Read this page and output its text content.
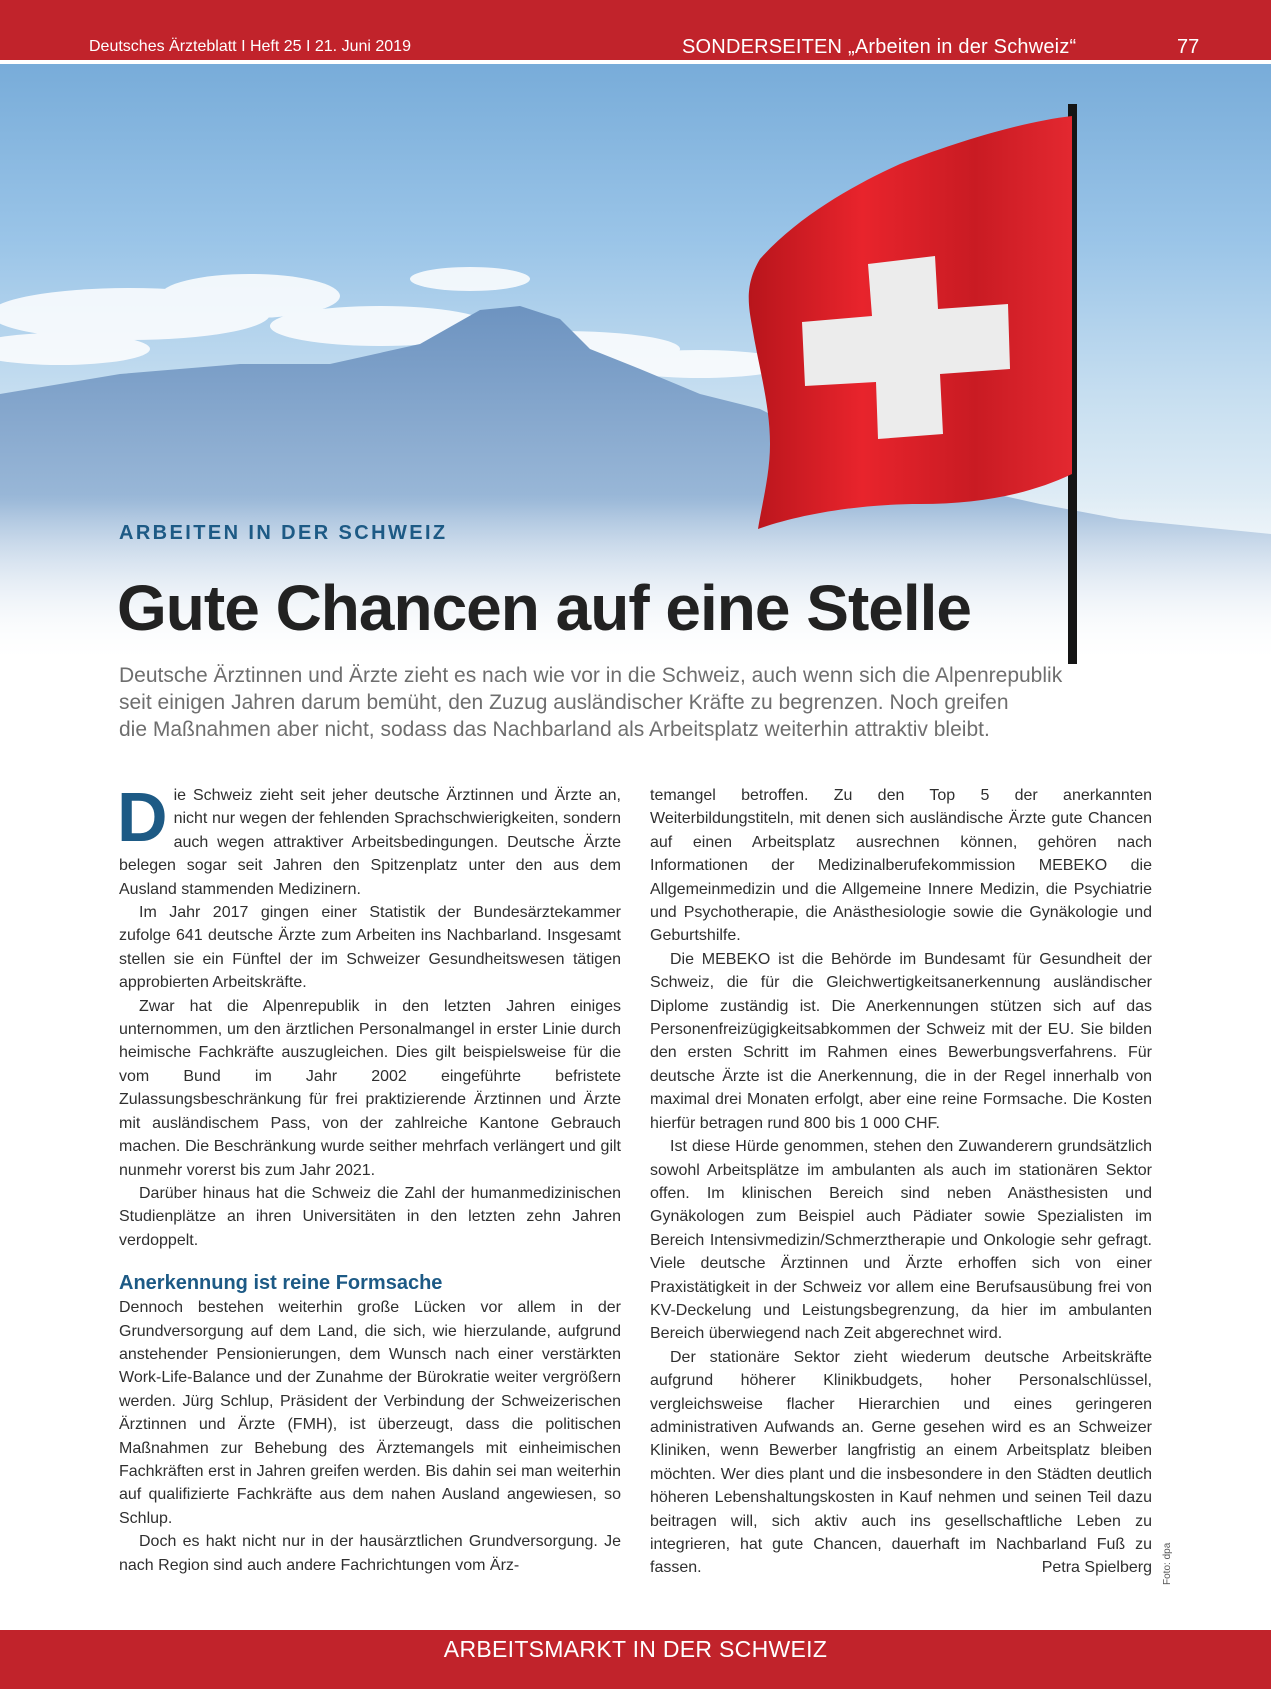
Deutsches Ärzteblatt I Heft 25 I 21. Juni 2019	SONDERSEITEN „Arbeiten in der Schweiz“	77
ARBEITEN IN DER SCHWEIZ
Gute Chancen auf eine Stelle
Deutsche Ärztinnen und Ärzte zieht es nach wie vor in die Schweiz, auch wenn sich die Alpenrepublik
seit einigen Jahren darum bemüht, den Zuzug ausländischer Kräfte zu begrenzen. Noch greifen
die Maßnahmen aber nicht, sodass das Nachbarland als Arbeitsplatz weiterhin attraktiv bleibt.

Die Schweiz zieht seit jeher deutsche Ärztinnen und Ärzte an, nicht nur wegen der fehlenden Sprachschwierigkeiten, sondern auch wegen attraktiver Arbeitsbedingungen. Deutsche Ärzte belegen sogar seit Jahren den Spitzenplatz unter den aus dem Ausland stammenden Medizinern.

Im Jahr 2017 gingen einer Statistik der Bundesärztekammer zufolge 641 deutsche Ärzte zum Arbeiten ins Nachbarland. Insgesamt stellen sie ein Fünftel der im Schweizer Gesundheitswesen tätigen approbierten Arbeitskräfte.

Zwar hat die Alpenrepublik in den letzten Jahren einiges unternommen, um den ärztlichen Personalmangel in erster Linie durch heimische Fachkräfte auszugleichen. Dies gilt beispielsweise für die vom Bund im Jahr 2002 eingeführte befristete Zulassungsbeschränkung für frei praktizierende Ärztinnen und Ärzte mit ausländischem Pass, von der zahlreiche Kantone Gebrauch machen. Die Beschränkung wurde seither mehrfach verlängert und gilt nunmehr vorerst bis zum Jahr 2021.

Darüber hinaus hat die Schweiz die Zahl der humanmedizinischen Studienplätze an ihren Universitäten in den letzten zehn Jahren verdoppelt.

Anerkennung ist reine Formsache

Dennoch bestehen weiterhin große Lücken vor allem in der Grundversorgung auf dem Land, die sich, wie hierzulande, aufgrund anstehender Pensionierungen, dem Wunsch nach einer verstärkten Work-Life-Balance und der Zunahme der Bürokratie weiter vergrößern werden. Jürg Schlup, Präsident der Verbindung der Schweizerischen Ärztinnen und Ärzte (FMH), ist überzeugt, dass die politischen Maßnahmen zur Behebung des Ärztemangels mit einheimischen Fachkräften erst in Jahren greifen werden. Bis dahin sei man weiterhin auf qualifizierte Fachkräfte aus dem nahen Ausland angewiesen, so Schlup.

Doch es hakt nicht nur in der hausärztlichen Grundversorgung. Je nach Region sind auch andere Fachrichtungen vom Ärz-

temangel betroffen. Zu den Top 5 der anerkannten Weiterbildungstiteln, mit denen sich ausländische Ärzte gute Chancen auf einen Arbeitsplatz ausrechnen können, gehören nach Informationen der Medizinalberufekommission MEBEKO die Allgemeinmedizin und die Allgemeine Innere Medizin, die Psychiatrie und Psychotherapie, die Anästhesiologie sowie die Gynäkologie und Geburtshilfe.

Die MEBEKO ist die Behörde im Bundesamt für Gesundheit der Schweiz, die für die Gleichwertigkeitsanerkennung ausländischer Diplome zuständig ist. Die Anerkennungen stützen sich auf das Personenfreizügigkeitsabkommen der Schweiz mit der EU. Sie bilden den ersten Schritt im Rahmen eines Bewerbungsverfahrens. Für deutsche Ärzte ist die Anerkennung, die in der Regel innerhalb von maximal drei Monaten erfolgt, aber eine reine Formsache. Die Kosten hierfür betragen rund 800 bis 1 000 CHF.

Ist diese Hürde genommen, stehen den Zuwanderern grundsätzlich sowohl Arbeitsplätze im ambulanten als auch im stationären Sektor offen. Im klinischen Bereich sind neben Anästhesisten und Gynäkologen zum Beispiel auch Pädiater sowie Spezialisten im Bereich Intensivmedizin/Schmerztherapie und Onkologie sehr gefragt. Viele deutsche Ärztinnen und Ärzte erhoffen sich von einer Praxistätigkeit in der Schweiz vor allem eine Berufsausübung frei von KV-Deckelung und Leistungsbegrenzung, da hier im ambulanten Bereich überwiegend nach Zeit abgerechnet wird.

Der stationäre Sektor zieht wiederum deutsche Arbeitskräfte aufgrund höherer Klinikbudgets, hoher Personalschlüssel, vergleichsweise flacher Hierarchien und eines geringeren administrativen Aufwands an. Gerne gesehen wird es an Schweizer Kliniken, wenn Bewerber langfristig an einem Arbeitsplatz bleiben möchten. Wer dies plant und die insbesondere in den Städten deutlich höheren Lebenshaltungskosten in Kauf nehmen und seinen Teil dazu beitragen will, sich aktiv auch ins gesellschaftliche Leben zu integrieren, hat gute Chancen, dauerhaft im Nachbarland Fuß zu fassen.	Petra Spielberg Foto: dpa
ARBEITSMARKT IN DER SCHWEIZ
